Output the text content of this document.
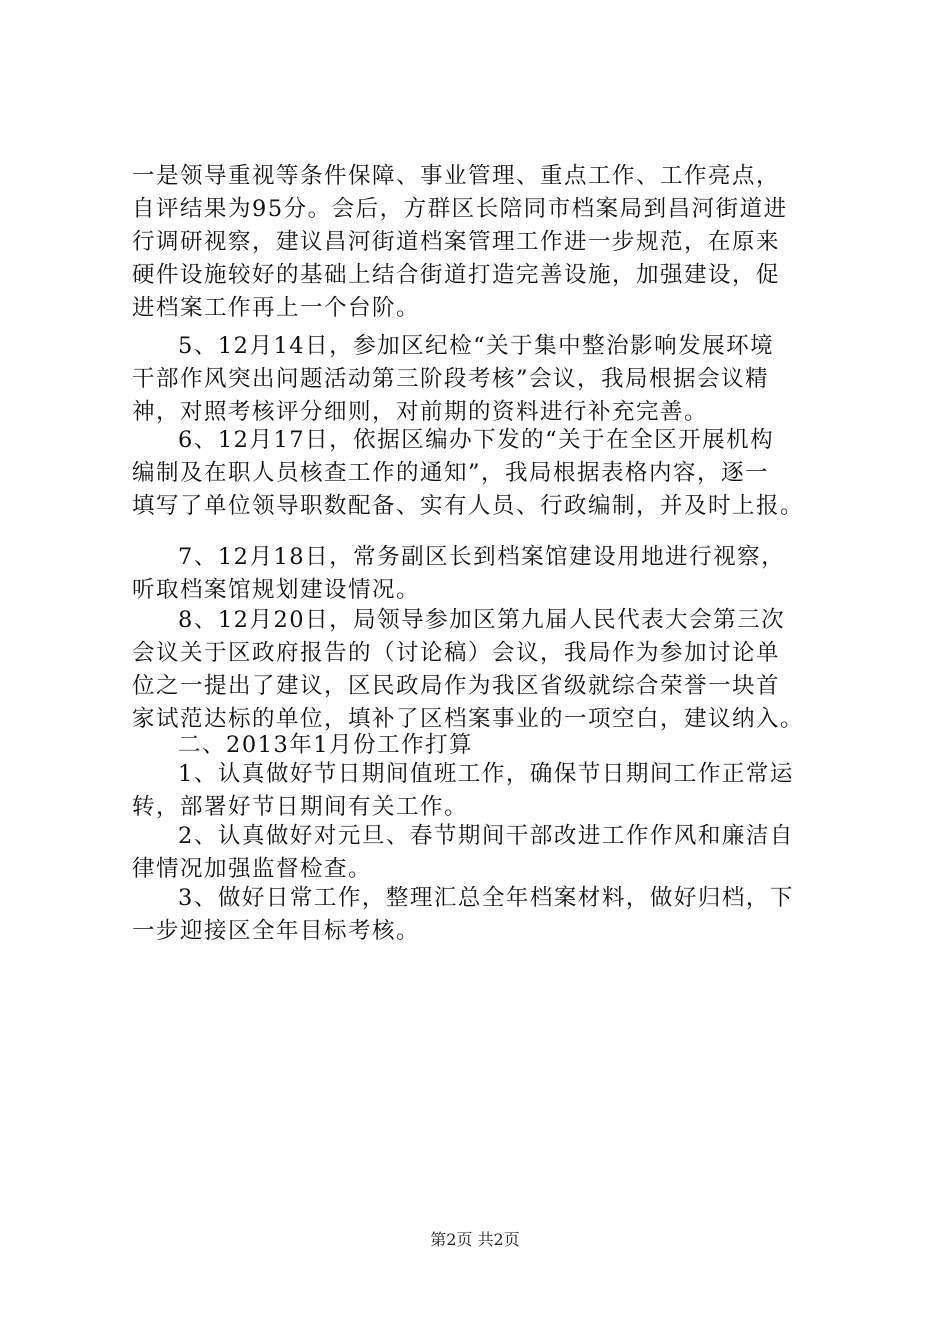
一是领导重视等条件保障、事业管理、重点工作、工作亮点，

自评结果为95分。会后，方群区长陪同市档案局到昌河街道进

行调研视察，建议昌河街道档案管理工作进一步规范，在原来

硬件设施较好的基础上结合街道打造完善设施，加强建设，促

进档案工作再上一个台阶。

5、12月14日，参加区纪检“关于集中整治影响发展环境

干部作风突出问题活动第三阶段考核”会议，我局根据会议精

神，对照考核评分细则，对前期的资料进行补充完善。

6、12月17日，依据区编办下发的“关于在全区开展机构

编制及在职人员核查工作的通知”，我局根据表格内容，逐一

填写了单位领导职数配备、实有人员、行政编制，并及时上报。

7、12月18日，常务副区长到档案馆建设用地进行视察，

听取档案馆规划建设情况。

8、12月20日，局领导参加区第九届人民代表大会第三次

会议关于区政府报告的（讨论稿）会议，我局作为参加讨论单

位之一提出了建议，区民政局作为我区省级就综合荣誉一块首

家试范达标的单位，填补了区档案事业的一项空白，建议纳入。

二、2013年1月份工作打算

1、认真做好节日期间值班工作，确保节日期间工作正常运

转，部署好节日期间有关工作。

2、认真做好对元旦、春节期间干部改进工作作风和廉洁自

律情况加强监督检查。

3、做好日常工作，整理汇总全年档案材料，做好归档，下

一步迎接区全年目标考核。

第2页 共2页
